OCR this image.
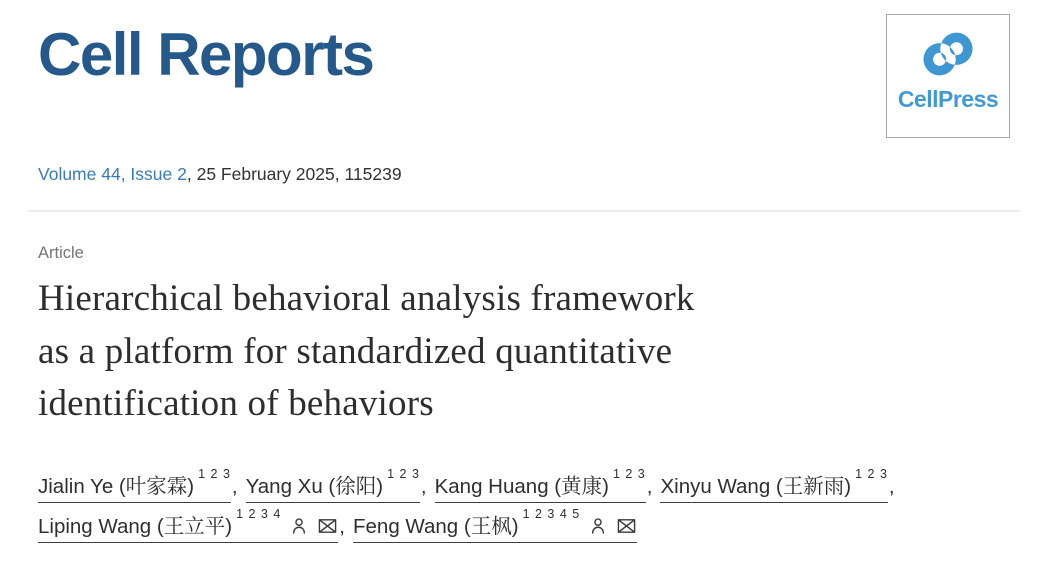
Cell Reports
CellPress
Volume 44, Issue 2, 25 February 2025, 115239
Article
Hierarchical behavioral analysis framework
as a platform for standardized quantitative
identification of behaviors
Jialin Ye (叶家霖)$^{1 2 3}$, Yang Xu (徐阳)$^{1 2 3}$, Kang Huang (黄康)$^{1 2 3}$, Xinyu Wang (王新雨)$^{1 2 3}$,
Liping Wang (王立平)$^{1 2 3 4}$
, Feng Wang (王枫)$^{1 2 3 4 5}$
